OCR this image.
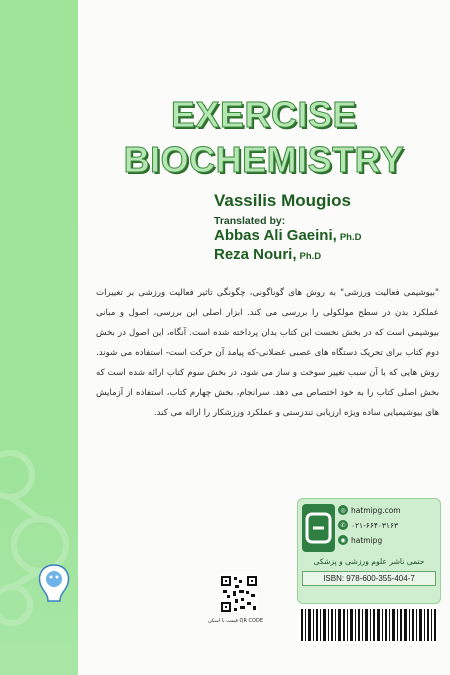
EXERCISE
BIOCHEMISTRY
Vassilis Mougios
Translated by:
Abbas Ali Gaeini, Ph.D
Reza Nouri, Ph.D
"بیوشیمی فعالیت ورزشی" به روش های گوناگونی، چگونگی تاثیر فعالیت ورزشی بر تغییرات عملکرد بدن در سطح مولکولی را بررسی می کند. ابزار اصلی این بررسی، اصول و مبانی بیوشیمی است که در بخش نخست این کتاب بدان پرداخته شده است. آنگاه، این اصول در بخش دوم کتاب برای تحریک دستگاه های عصبی عضلانی-که پیامد آن حرکت است- استفاده می شوند. روش هایی که با آن سبب تغییر سوخت و ساز می شود، در بخش سوم کتاب ارائه شده است که بخش اصلی کتاب را به خود اختصاص می دهد. سرانجام، بخش چهارم کتاب، استفاده از آزمایش های بیوشیمیایی ساده ویژه ارزیابی تندرستی و عملکرد ورزشکار را ارائه می کند.
◎ hatmipg.com
✆ ۰۲۱-۶۶۴۰۳۱۶۳
◉ hatmipg
حتمی ناشر علوم ورزشی و پزشکی
ISBN: 978-600-355-404-7
قیمت با اسکن QR CODE
